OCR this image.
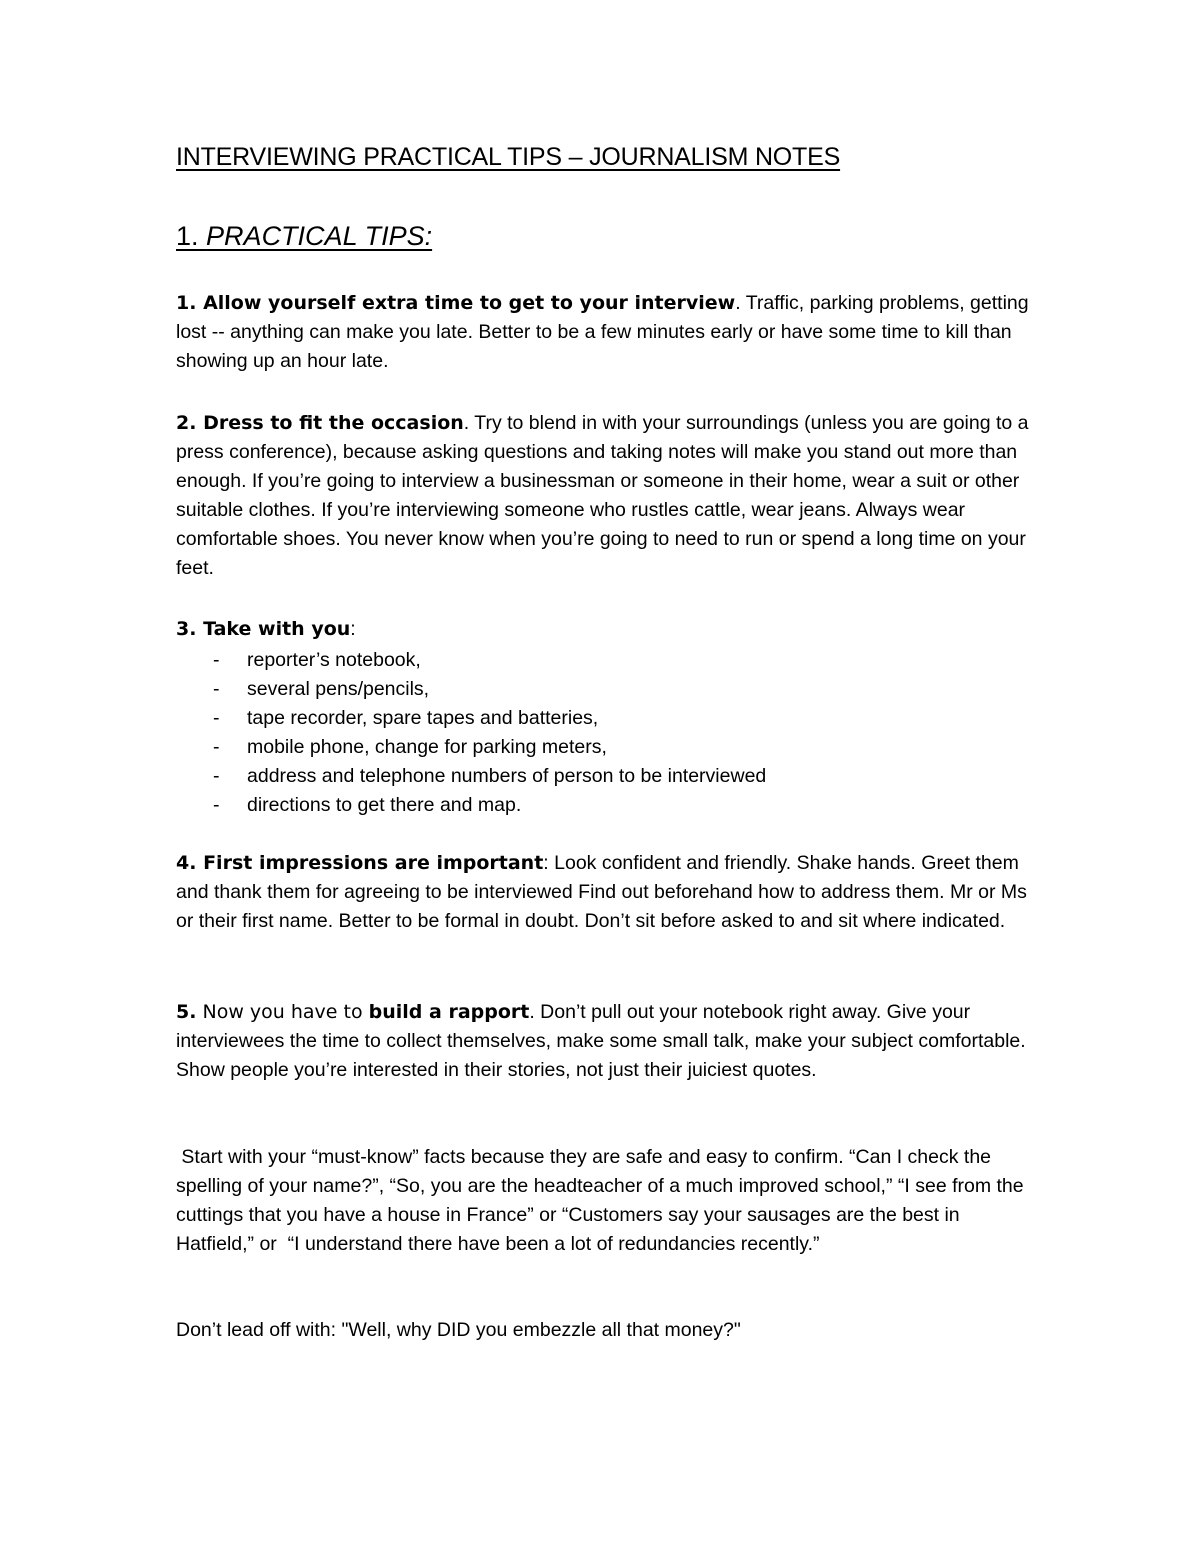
INTERVIEWING PRACTICAL TIPS – JOURNALISM NOTES
1. PRACTICAL TIPS:

1. Allow yourself extra time to get to your interview. Traffic, parking problems, getting lost -- anything can make you late. Better to be a few minutes early or have some time to kill than showing up an hour late.

2. Dress to fit the occasion. Try to blend in with your surroundings (unless you are going to a press conference), because asking questions and taking notes will make you stand out more than enough. If you’re going to interview a businessman or someone in their home, wear a suit or other suitable clothes. If you’re interviewing someone who rustles cattle, wear jeans. Always wear comfortable shoes. You never know when you’re going to need to run or spend a long time on your feet.

3. Take with you:

- reporter’s notebook,
- several pens/pencils,
- tape recorder, spare tapes and batteries,
- mobile phone, change for parking meters,
- address and telephone numbers of person to be interviewed
- directions to get there and map.

4. First impressions are important: Look confident and friendly. Shake hands. Greet them and thank them for agreeing to be interviewed Find out beforehand how to address them. Mr or Ms or their first name. Better to be formal in doubt. Don’t sit before asked to and sit where indicated.

5. Now you have to build a rapport. Don’t pull out your notebook right away. Give your interviewees the time to collect themselves, make some small talk, make your subject comfortable. Show people you’re interested in their stories, not just their juiciest quotes.

Start with your “must-know” facts because they are safe and easy to confirm. “Can I check the spelling of your name?”, “So, you are the headteacher of a much improved school,” “I see from the cuttings that you have a house in France” or “Customers say your sausages are the best in Hatfield,” or  “I understand there have been a lot of redundancies recently.”

Don’t lead off with: "Well, why DID you embezzle all that money?"
